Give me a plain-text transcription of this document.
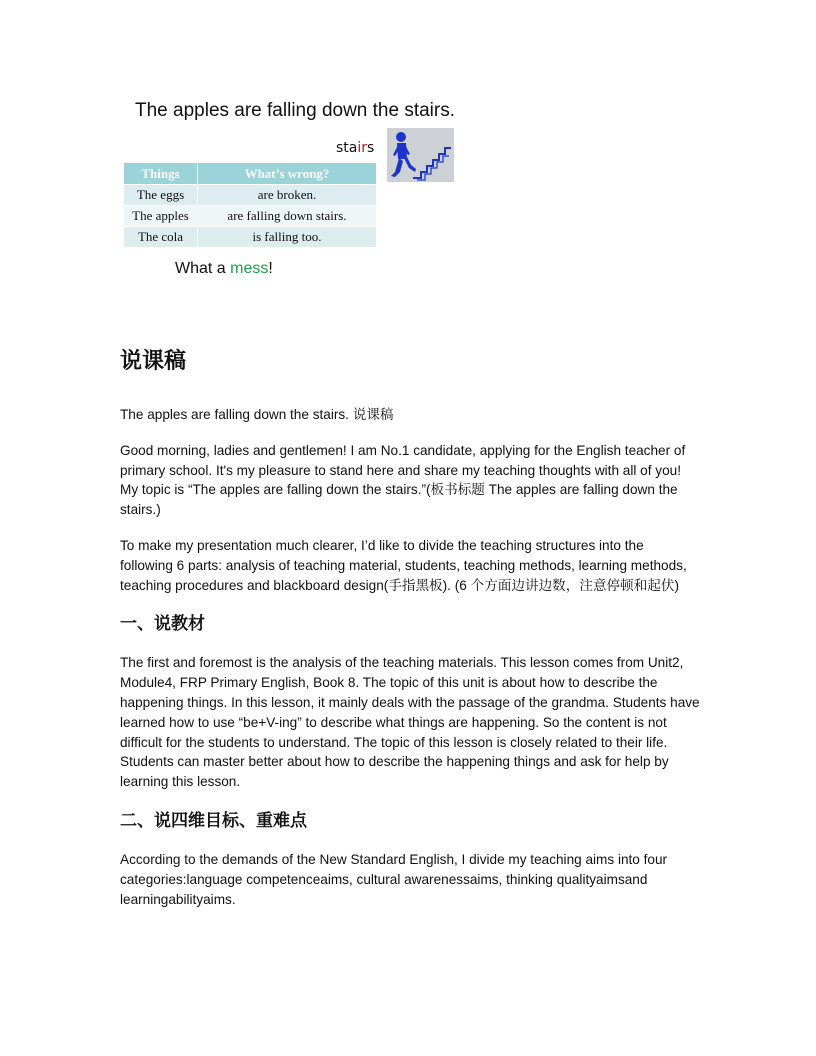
The apples are falling down the stairs.
stairs
Things	What’s wrong?
The eggs	are broken.
The apples	are falling down stairs.
The cola	is falling too.
What a mess!
说课稿

The apples are falling down the stairs. 说课稿

Good morning, ladies and gentlemen! I am No.1 candidate, applying for the English teacher of primary school. It's my pleasure to stand here and share my teaching thoughts with all of you! My topic is “The apples are falling down the stairs.”(板书标题 The apples are falling down the stairs.)

To make my presentation much clearer, I’d like to divide the teaching structures into the following 6 parts: analysis of teaching material, students, teaching methods, learning methods, teaching procedures and blackboard design(手指黑板). (6 个方面边讲边数，注意停顿和起伏)

一、说教材

The first and foremost is the analysis of the teaching materials. This lesson comes from Unit2, Module4, FRP Primary English, Book 8. The topic of this unit is about how to describe the happening things. In this lesson, it mainly deals with the passage of the grandma. Students have learned how to use “be+V-ing” to describe what things are happening. So the content is not difficult for the students to understand. The topic of this lesson is closely related to their life. Students can master better about how to describe the happening things and ask for help by learning this lesson.

二、说四维目标、重难点

According to the demands of the New Standard English, I divide my teaching aims into four categories:language competenceaims, cultural awarenessaims, thinking qualityaimsand learningabilityaims.
